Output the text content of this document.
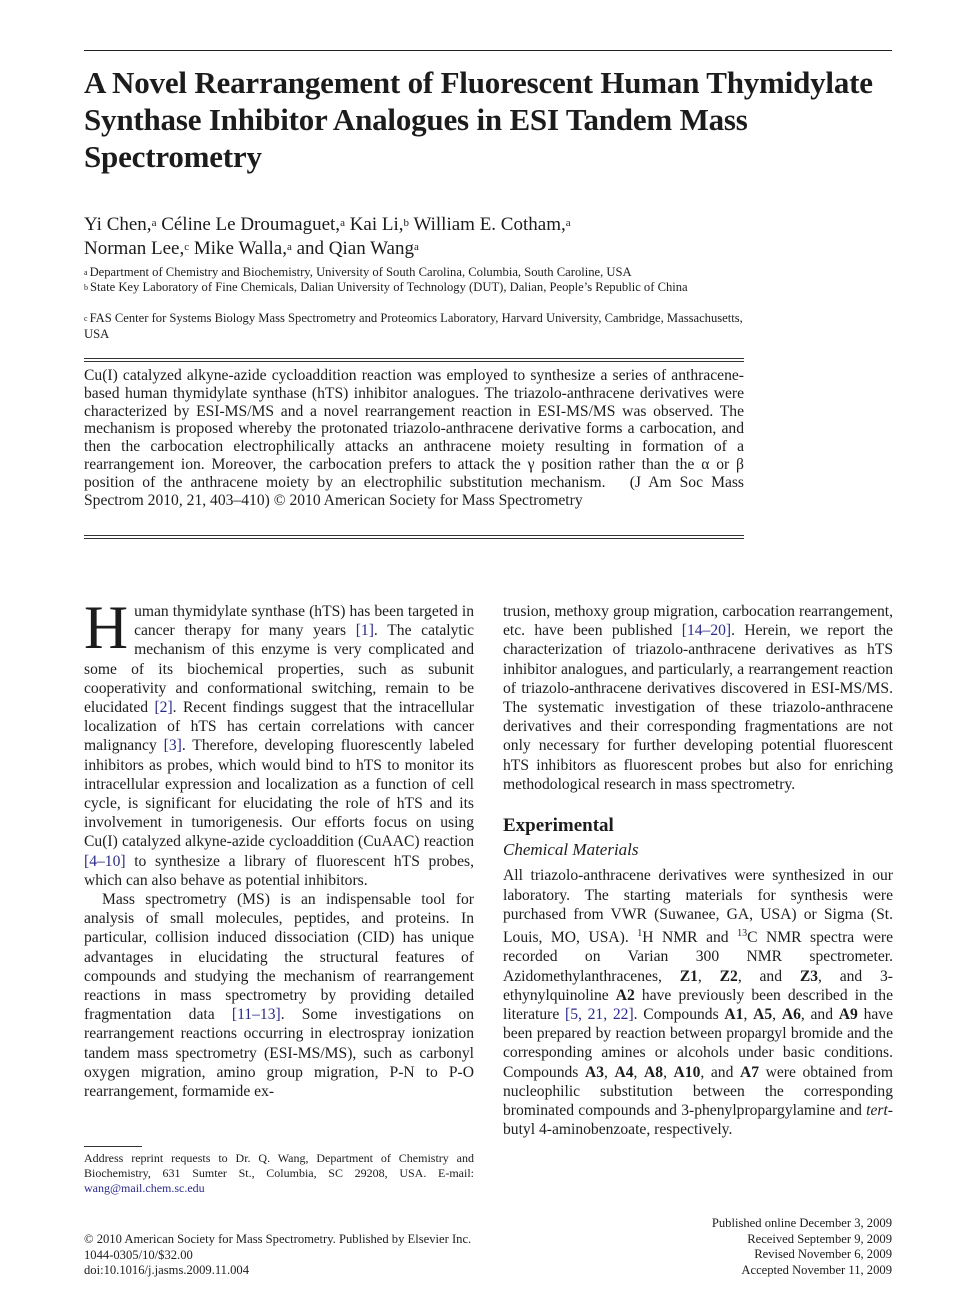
A Novel Rearrangement of Fluorescent Human Thymidylate Synthase Inhibitor Analogues in ESI Tandem Mass Spectrometry
Yi Chen,$^a$ Céline Le Droumaguet,$^a$ Kai Li,$^b$ William E. Cotham,$^a$
Norman Lee,$^c$ Mike Walla,$^a$ and Qian Wang$^a$
$^a$ Department of Chemistry and Biochemistry, University of South Carolina, Columbia, South Caroline, USA
$^b$ State Key Laboratory of Fine Chemicals, Dalian University of Technology (DUT), Dalian, People’s Republic of China
$^c$ FAS Center for Systems Biology Mass Spectrometry and Proteomics Laboratory, Harvard University, Cambridge, Massachusetts, USA
Cu(I) catalyzed alkyne-azide cycloaddition reaction was employed to synthesize a series of anthracene-based human thymidylate synthase (hTS) inhibitor analogues. The triazolo-anthracene derivatives were characterized by ESI-MS/MS and a novel rearrangement reaction in ESI-MS/MS was observed. The mechanism is proposed whereby the protonated triazolo-anthracene derivative forms a carbocation, and then the carbocation electrophilically attacks an anthracene moiety resulting in formation of a rearrangement ion. Moreover, the carbocation prefers to attack the γ position rather than the α or β position of the anthracene moiety by an electrophilic substitution mechanism. (J Am Soc Mass Spectrom 2010, 21, 403–410) © 2010 American Society for Mass Spectrometry

Human thymidylate synthase (hTS) has been targeted in cancer therapy for many years [1]. The catalytic mechanism of this enzyme is very complicated and some of its biochemical properties, such as subunit cooperativity and conformational switching, remain to be elucidated [2]. Recent findings suggest that the intracellular localization of hTS has certain correlations with cancer malignancy [3]. Therefore, developing fluorescently labeled inhibitors as probes, which would bind to hTS to monitor its intracellular expression and localization as a function of cell cycle, is significant for elucidating the role of hTS and its involvement in tumorigenesis. Our efforts focus on using Cu(I) catalyzed alkyne-azide cycloaddition (CuAAC) reaction [4–10] to synthesize a library of fluorescent hTS probes, which can also behave as potential inhibitors.

Mass spectrometry (MS) is an indispensable tool for analysis of small molecules, peptides, and proteins. In particular, collision induced dissociation (CID) has unique advantages in elucidating the structural features of compounds and studying the mechanism of rearrangement reactions in mass spectrometry by providing detailed fragmentation data [11–13]. Some investigations on rearrangement reactions occurring in electrospray ionization tandem mass spectrometry (ESI-MS/MS), such as carbonyl oxygen migration, amino group migration, P-N to P-O rearrangement, formamide ex-

trusion, methoxy group migration, carbocation rearrangement, etc. have been published [14–20]. Herein, we report the characterization of triazolo-anthracene derivatives as hTS inhibitor analogues, and particularly, a rearrangement reaction of triazolo-anthracene derivatives discovered in ESI-MS/MS. The systematic investigation of these triazolo-anthracene derivatives and their corresponding fragmentations are not only necessary for further developing potential fluorescent hTS inhibitors as fluorescent probes but also for enriching methodological research in mass spectrometry.

Experimental
Chemical Materials

All triazolo-anthracene derivatives were synthesized in our laboratory. The starting materials for synthesis were purchased from VWR (Suwanee, GA, USA) or Sigma (St. Louis, MO, USA). $^1$H NMR and $^{13}$C NMR spectra were recorded on Varian 300 NMR spectrometer. Azidomethylanthracenes, Z1, Z2, and Z3, and 3-ethynylquinoline A2 have previously been described in the literature [5, 21, 22]. Compounds A1, A5, A6, and A9 have been prepared by reaction between propargyl bromide and the corresponding amines or alcohols under basic conditions. Compounds A3, A4, A8, A10, and A7 were obtained from nucleophilic substitution between the corresponding brominated compounds and 3-phenylpropargylamine and tert-butyl 4-aminobenzoate, respectively.

Address reprint requests to Dr. Q. Wang, Department of Chemistry and Biochemistry, 631 Sumter St., Columbia, SC 29208, USA. E-mail: wang@mail.chem.sc.edu
© 2010 American Society for Mass Spectrometry. Published by Elsevier Inc.
1044-0305/10/$32.00
doi:10.1016/j.jasms.2009.11.004
Published online December 3, 2009
Received September 9, 2009
Revised November 6, 2009
Accepted November 11, 2009
